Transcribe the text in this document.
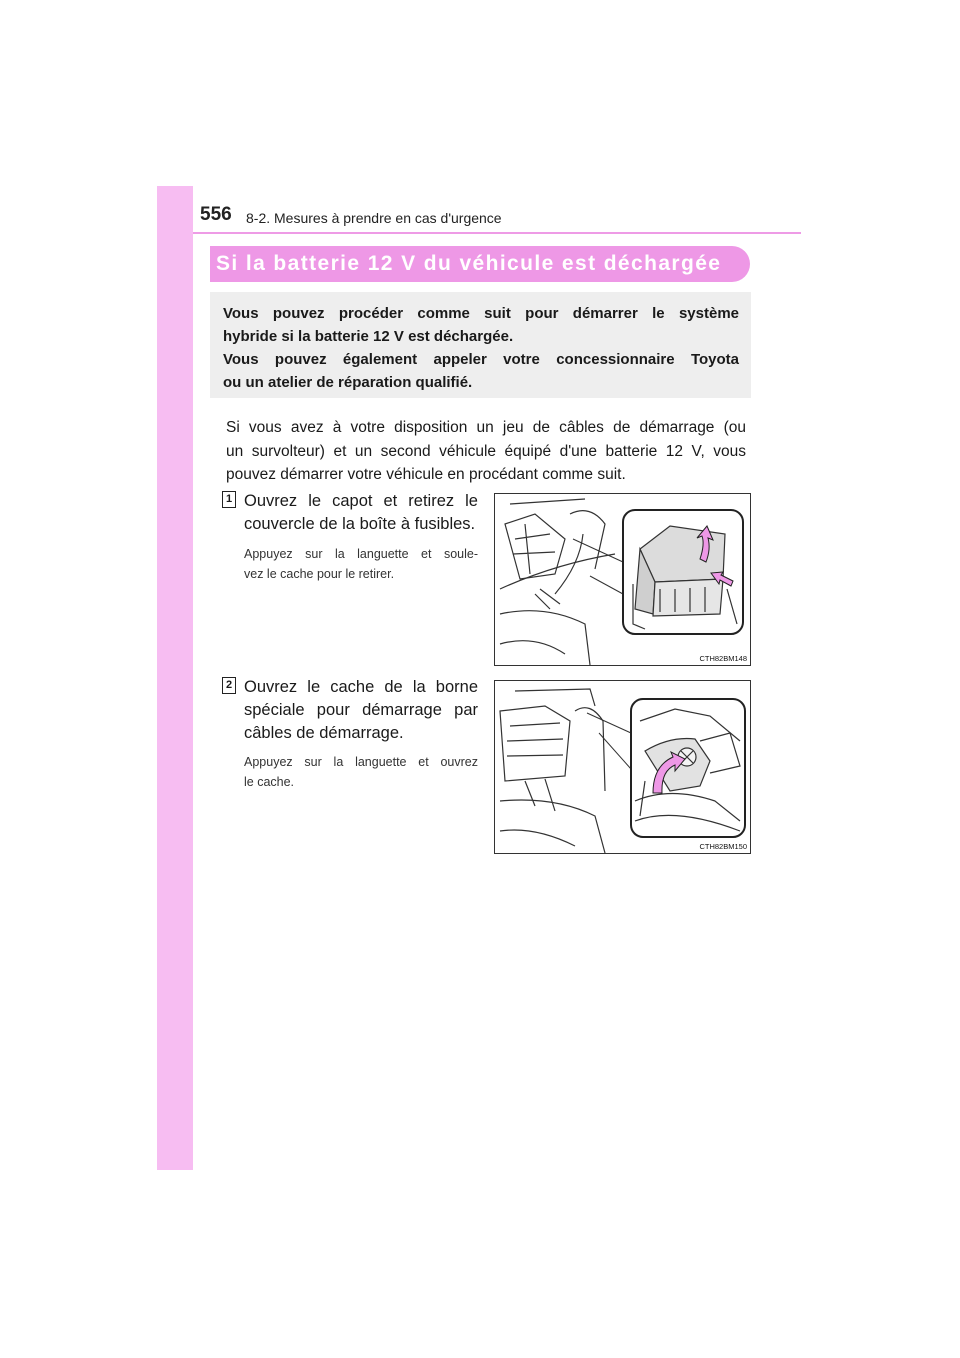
556 8-2. Mesures à prendre en cas d'urgence
Si la batterie 12 V du véhicule est déchargée
Vous pouvez procéder comme suit pour démarrer le système
hybride si la batterie 12 V est déchargée.
Vous pouvez également appeler votre concessionnaire Toyota
ou un atelier de réparation qualifié.
Si vous avez à votre disposition un jeu de câbles de démarrage (ou
un survolteur) et un second véhicule équipé d'une batterie 12 V, vous
pouvez démarrer votre véhicule en procédant comme suit.
1 Ouvrez le capot et retirez le
couvercle de la boîte à fusibles.
Appuyez sur la languette et soule-
vez le cache pour le retirer.
CTH82BM148
2 Ouvrez le cache de la borne
spéciale pour démarrage par
câbles de démarrage.
Appuyez sur la languette et ouvrez
le cache.
CTH82BM150
